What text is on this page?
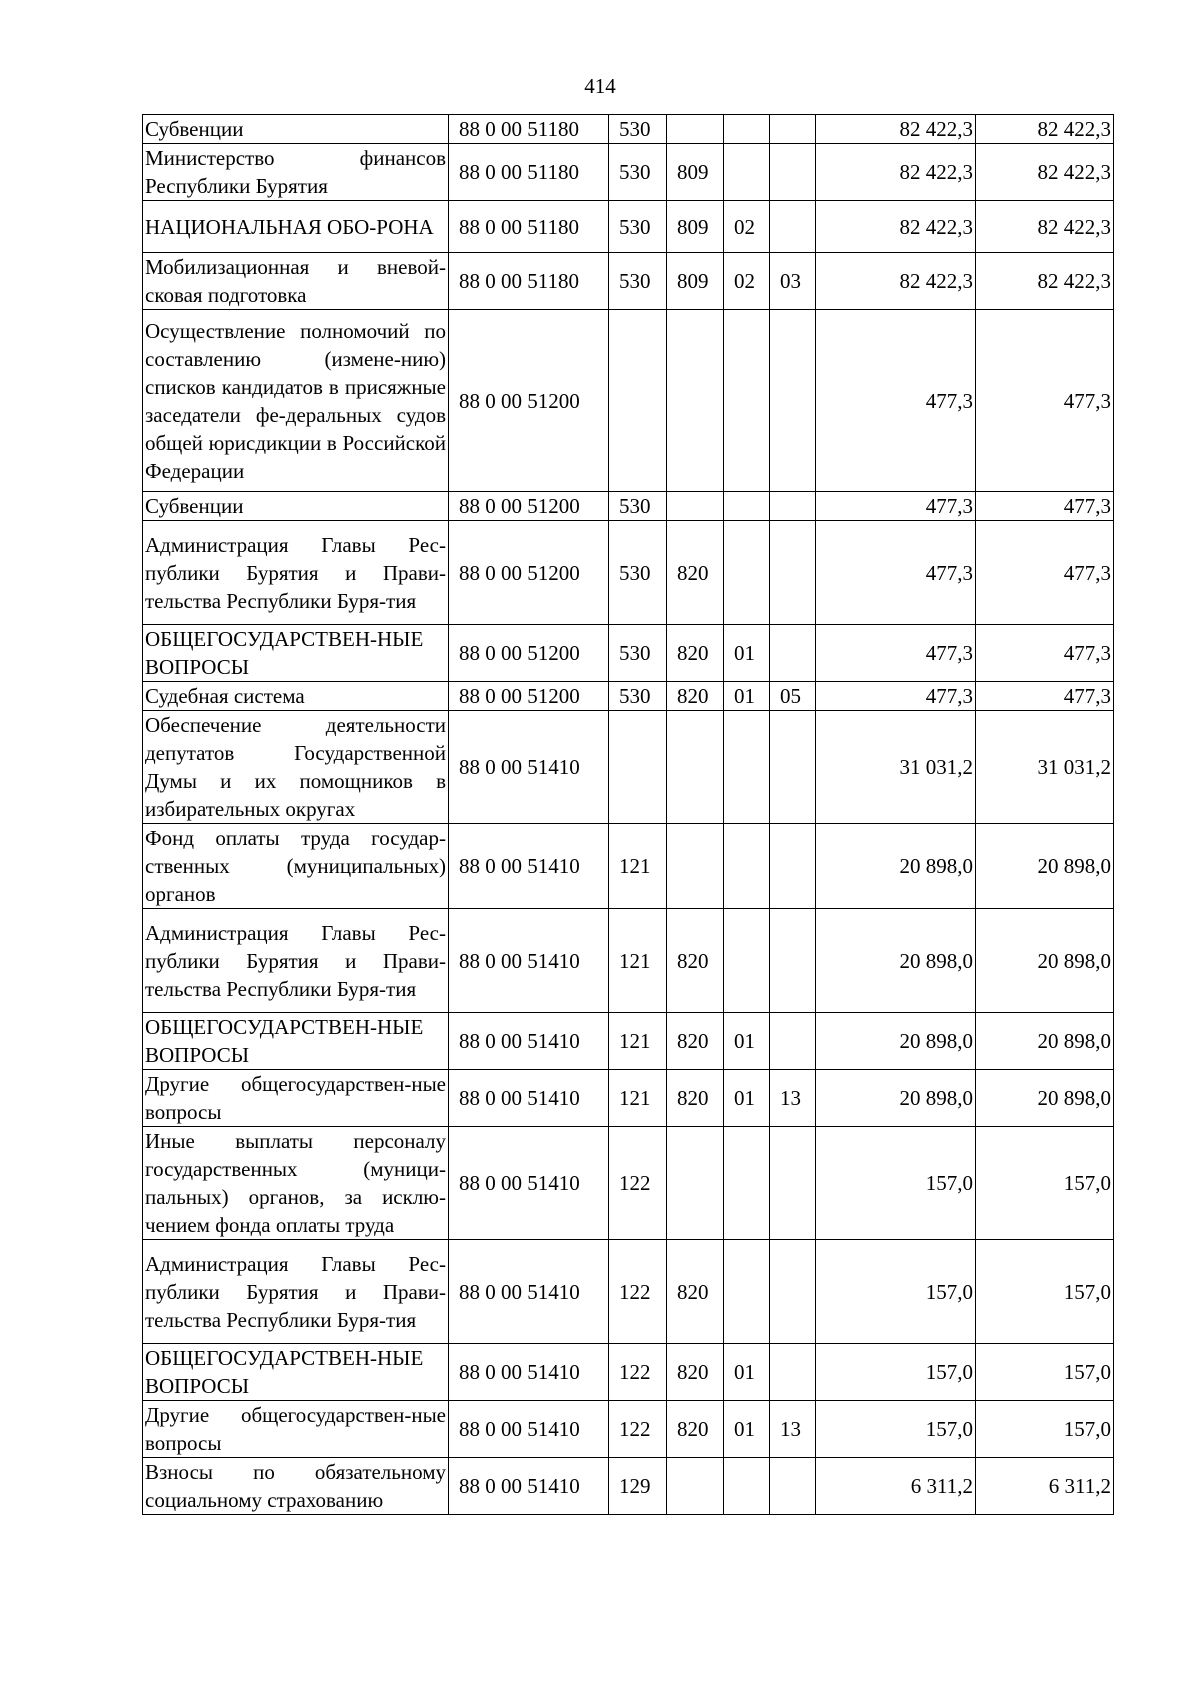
414
Субвенции	88 0 00 51180	530				82 422,3	82 422,3
Министерство финансов Республики Бурятия	88 0 00 51180	530	809			82 422,3	82 422,3
НАЦИОНАЛЬНАЯ ОБО-РОНА	88 0 00 51180	530	809	02		82 422,3	82 422,3
Мобилизационная и вневой-сковая подготовка	88 0 00 51180	530	809	02	03	82 422,3	82 422,3
Осуществление полномочий по составлению (измене-нию) списков кандидатов в присяжные заседатели фе-деральных судов общей юрисдикции в Российской Федерации	88 0 00 51200					477,3	477,3
Субвенции	88 0 00 51200	530				477,3	477,3
Администрация Главы Рес-публики Бурятия и Прави-тельства Республики Буря-тия	88 0 00 51200	530	820			477,3	477,3
ОБЩЕГОСУДАРСТВЕН-НЫЕ ВОПРОСЫ	88 0 00 51200	530	820	01		477,3	477,3
Судебная система	88 0 00 51200	530	820	01	05	477,3	477,3
Обеспечение деятельности депутатов Государственной Думы и их помощников в избирательных округах	88 0 00 51410					31 031,2	31 031,2
Фонд оплаты труда государ-ственных (муниципальных) органов	88 0 00 51410	121				20 898,0	20 898,0
Администрация Главы Рес-публики Бурятия и Прави-тельства Республики Буря-тия	88 0 00 51410	121	820			20 898,0	20 898,0
ОБЩЕГОСУДАРСТВЕН-НЫЕ ВОПРОСЫ	88 0 00 51410	121	820	01		20 898,0	20 898,0
Другие общегосударствен-ные вопросы	88 0 00 51410	121	820	01	13	20 898,0	20 898,0
Иные выплаты персоналу государственных (муници-пальных) органов, за исклю-чением фонда оплаты труда	88 0 00 51410	122				157,0	157,0
Администрация Главы Рес-публики Бурятия и Прави-тельства Республики Буря-тия	88 0 00 51410	122	820			157,0	157,0
ОБЩЕГОСУДАРСТВЕН-НЫЕ ВОПРОСЫ	88 0 00 51410	122	820	01		157,0	157,0
Другие общегосударствен-ные вопросы	88 0 00 51410	122	820	01	13	157,0	157,0
Взносы по обязательному социальному страхованию	88 0 00 51410	129				6 311,2	6 311,2
